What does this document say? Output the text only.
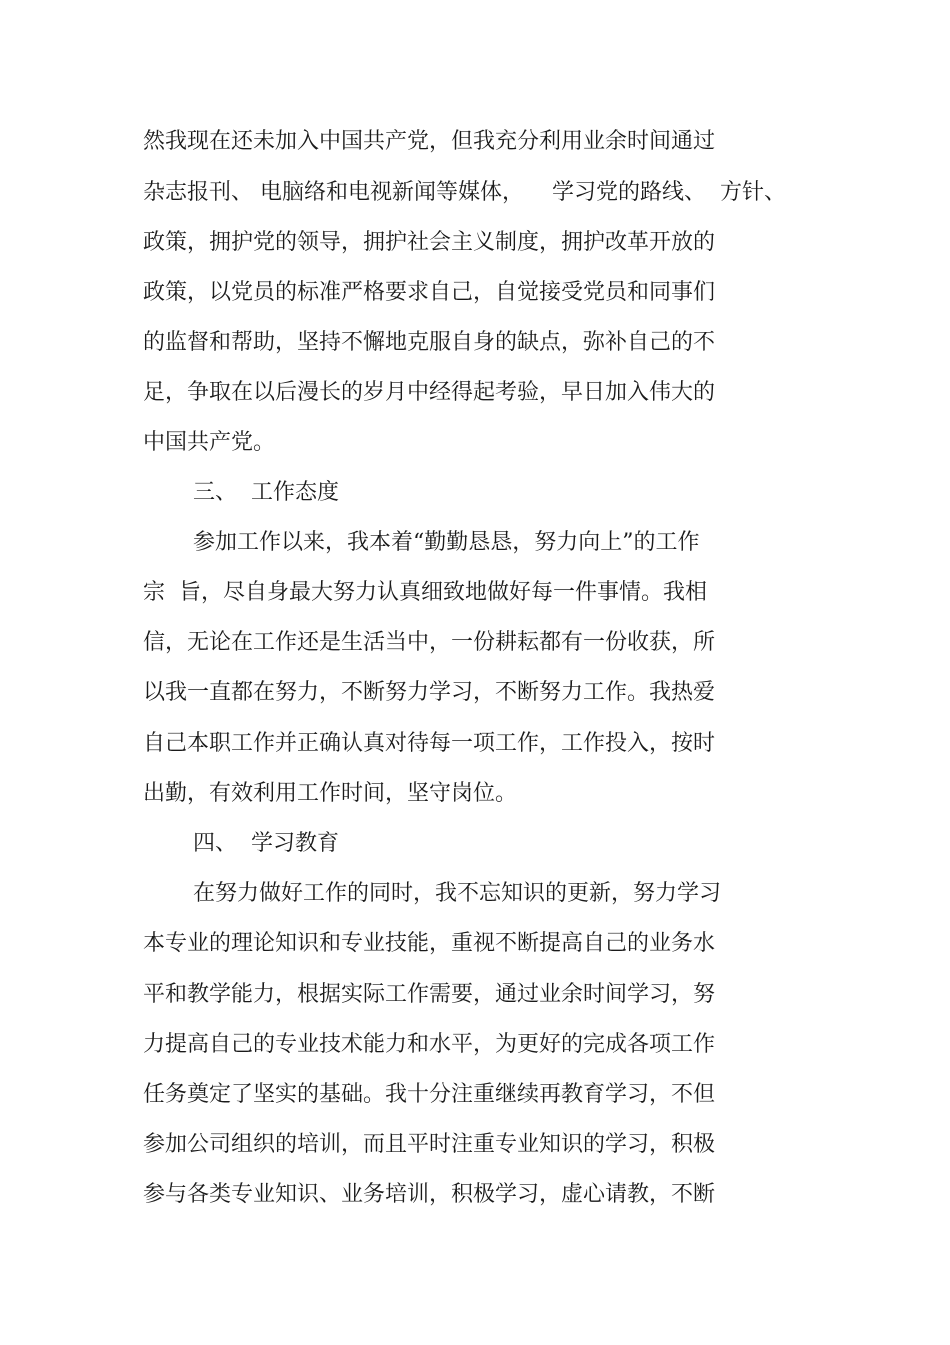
然我现在还未加入中国共产党，但我充分利用业余时间通过
杂志报刊、 电脑络和电视新闻等媒体，    学习党的路线、  方针、
政策，拥护党的领导，拥护社会主义制度，拥护改革开放的
政策，以党员的标准严格要求自己，自觉接受党员和同事们
的监督和帮助，坚持不懈地克服自身的缺点，弥补自己的不
足，争取在以后漫长的岁月中经得起考验，早日加入伟大的
中国共产党。
三、  工作态度
参加工作以来，我本着“勤勤恳恳，努力向上”的工作
宗  旨，尽自身最大努力认真细致地做好每一件事情。我相
信，无论在工作还是生活当中，一份耕耘都有一份收获，所
以我一直都在努力，不断努力学习，不断努力工作。我热爱
自己本职工作并正确认真对待每一项工作，工作投入，按时
出勤，有效利用工作时间，坚守岗位。
四、  学习教育
在努力做好工作的同时，我不忘知识的更新，努力学习
本专业的理论知识和专业技能，重视不断提高自己的业务水
平和教学能力，根据实际工作需要，通过业余时间学习，努
力提高自己的专业技术能力和水平，为更好的完成各项工作
任务奠定了坚实的基础。我十分注重继续再教育学习，不但
参加公司组织的培训，而且平时注重专业知识的学习，积极
参与各类专业知识、业务培训，积极学习，虚心请教，不断
